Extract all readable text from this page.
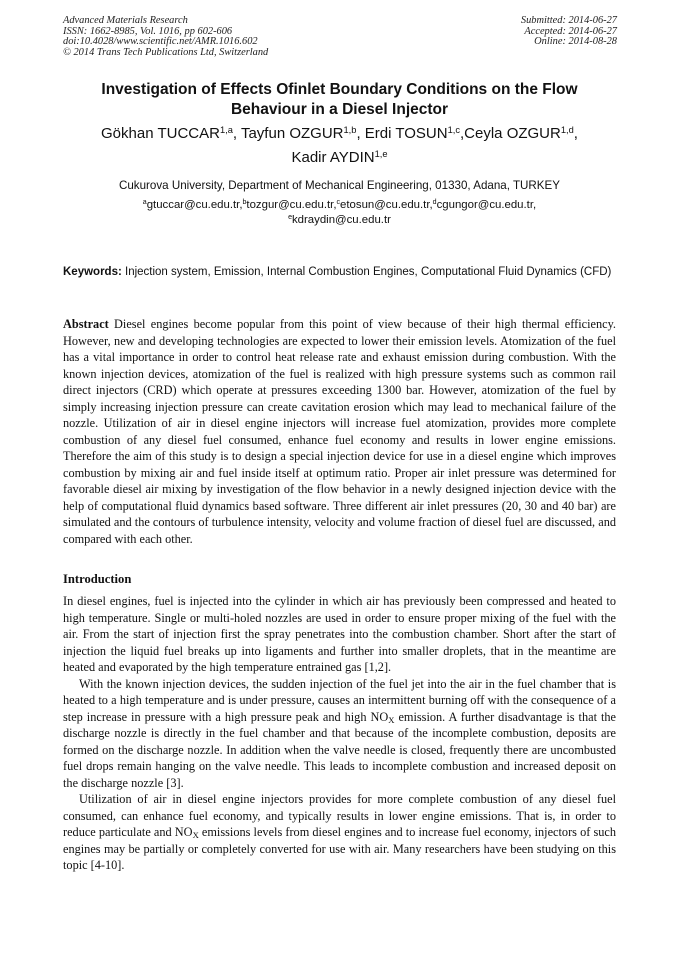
Advanced Materials Research
ISSN: 1662-8985, Vol. 1016, pp 602-606
doi:10.4028/www.scientific.net/AMR.1016.602
© 2014 Trans Tech Publications Ltd, Switzerland
Submitted: 2014-06-27
Accepted: 2014-06-27
Online: 2014-08-28
Investigation of Effects Ofinlet Boundary Conditions on the Flow
Behaviour in a Diesel Injector
Gökhan TUCCAR$^{1,a}$, Tayfun OZGUR$^{1,b}$, Erdi TOSUN$^{1,c}$,Ceyla OZGUR$^{1,d}$,
Kadir AYDIN$^{1,e}$
Cukurova University, Department of Mechanical Engineering, 01330, Adana, TURKEY
$^a$gtuccar@cu.edu.tr,$^b$tozgur@cu.edu.tr,$^c$etosun@cu.edu.tr,$^d$cgungor@cu.edu.tr,
$^e$kdraydin@cu.edu.tr
Keywords: Injection system, Emission, Internal Combustion Engines, Computational Fluid Dynamics (CFD)
Abstract Diesel engines become popular from this point of view because of their high thermal efficiency. However, new and developing technologies are expected to lower their emission levels. Atomization of the fuel has a vital importance in order to control heat release rate and exhaust emission during combustion. With the known injection devices, atomization of the fuel is realized with high pressure systems such as common rail direct injectors (CRD) which operate at pressures exceeding 1300 bar. However, atomization of the fuel by simply increasing injection pressure can create cavitation erosion which may lead to mechanical failure of the nozzle. Utilization of air in diesel engine injectors will increase fuel atomization, provides more complete combustion of any diesel fuel consumed, enhance fuel economy and results in lower engine emissions. Therefore the aim of this study is to design a special injection device for use in a diesel engine which improves combustion by mixing air and fuel inside itself at optimum ratio. Proper air inlet pressure was determined for favorable diesel air mixing by investigation of the flow behavior in a newly designed injection device with the help of computational fluid dynamics based software. Three different air inlet pressures (20, 30 and 40 bar) are simulated and the contours of turbulence intensity, velocity and volume fraction of diesel fuel are discussed, and compared with each other.
Introduction

In diesel engines, fuel is injected into the cylinder in which air has previously been compressed and heated to high temperature. Single or multi-holed nozzles are used in order to ensure proper mixing of the fuel with the air. From the start of injection first the spray penetrates into the combustion chamber. Short after the start of injection the liquid fuel breaks up into ligaments and further into smaller droplets, that in the meantime are heated and evaporated by the high temperature entrained gas [1,2].

With the known injection devices, the sudden injection of the fuel jet into the air in the fuel chamber that is heated to a high temperature and is under pressure, causes an intermittent burning off with the consequence of a step increase in pressure with a high pressure peak and high $NO_X$ emission. A further disadvantage is that the discharge nozzle is directly in the fuel chamber and that because of the incomplete combustion, deposits are formed on the discharge nozzle. In addition when the valve needle is closed, frequently there are uncombusted fuel drops remain hanging on the valve needle. This leads to incomplete combustion and increased deposit on the discharge nozzle [3].

Utilization of air in diesel engine injectors provides for more complete combustion of any diesel fuel consumed, can enhance fuel economy, and typically results in lower engine emissions. That is, in order to reduce particulate and $NO_X$ emissions levels from diesel engines and to increase fuel economy, injectors of such engines may be partially or completely converted for use with air. Many researchers have been studying on this topic [4-10].
